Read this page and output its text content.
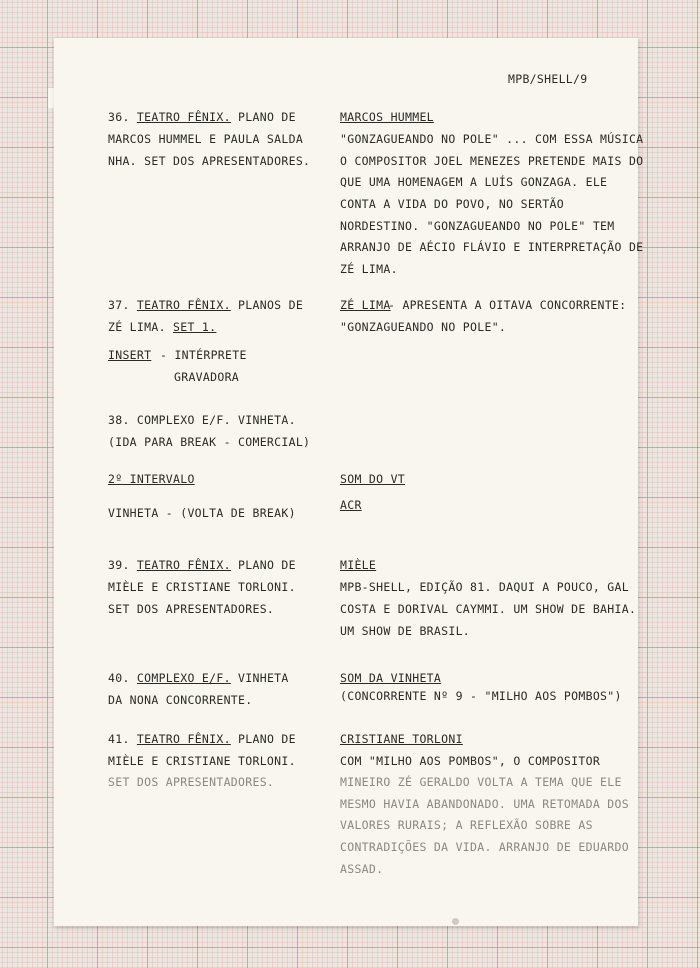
MPB/SHELL/9
36. TEATRO FÊNIX. PLANO DE
MARCOS HUMMEL E PAULA SALDA
NHA. SET DOS APRESENTADORES.
MARCOS HUMMEL
"GONZAGUEANDO NO POLE" ... COM ESSA MÚSICA
O COMPOSITOR JOEL MENEZES PRETENDE MAIS DO
QUE UMA HOMENAGEM A LUÍS GONZAGA. ELE
CONTA A VIDA DO POVO, NO SERTÃO
NORDESTINO. "GONZAGUEANDO NO POLE" TEM
ARRANJO DE AÉCIO FLÁVIO E INTERPRETAÇÃO DE
ZÉ LIMA.
37. TEATRO FÊNIX. PLANOS DE
ZÉ LIMA. SET 1.
INSERT - INTÉRPRETE
GRAVADORA
ZÉ LIMA
- APRESENTA A OITAVA CONCORRENTE:
"GONZAGUEANDO NO POLE".
38. COMPLEXO E/F. VINHETA.
(IDA PARA BREAK - COMERCIAL)
2º INTERVALO
VINHETA - (VOLTA DE BREAK)
SOM DO VT
ACR
39. TEATRO FÊNIX. PLANO DE
MIÈLE E CRISTIANE TORLONI.
SET DOS APRESENTADORES.
MIÈLE
MPB-SHELL, EDIÇÃO 81. DAQUI A POUCO, GAL
COSTA E DORIVAL CAYMMI. UM SHOW DE BAHIA.
UM SHOW DE BRASIL.
40. COMPLEXO E/F. VINHETA
DA NONA CONCORRENTE.
SOM DA VINHETA
(CONCORRENTE Nº 9 - "MILHO AOS POMBOS")
41. TEATRO FÊNIX. PLANO DE
MIÈLE E CRISTIANE TORLONI.
SET DOS APRESENTADORES.
CRISTIANE TORLONI
COM "MILHO AOS POMBOS", O COMPOSITOR
MINEIRO ZÉ GERALDO VOLTA A TEMA QUE ELE
MESMO HAVIA ABANDONADO. UMA RETOMADA DOS
VALORES RURAIS; A REFLEXÃO SOBRE AS
CONTRADIÇÕES DA VIDA. ARRANJO DE EDUARDO
ASSAD.
